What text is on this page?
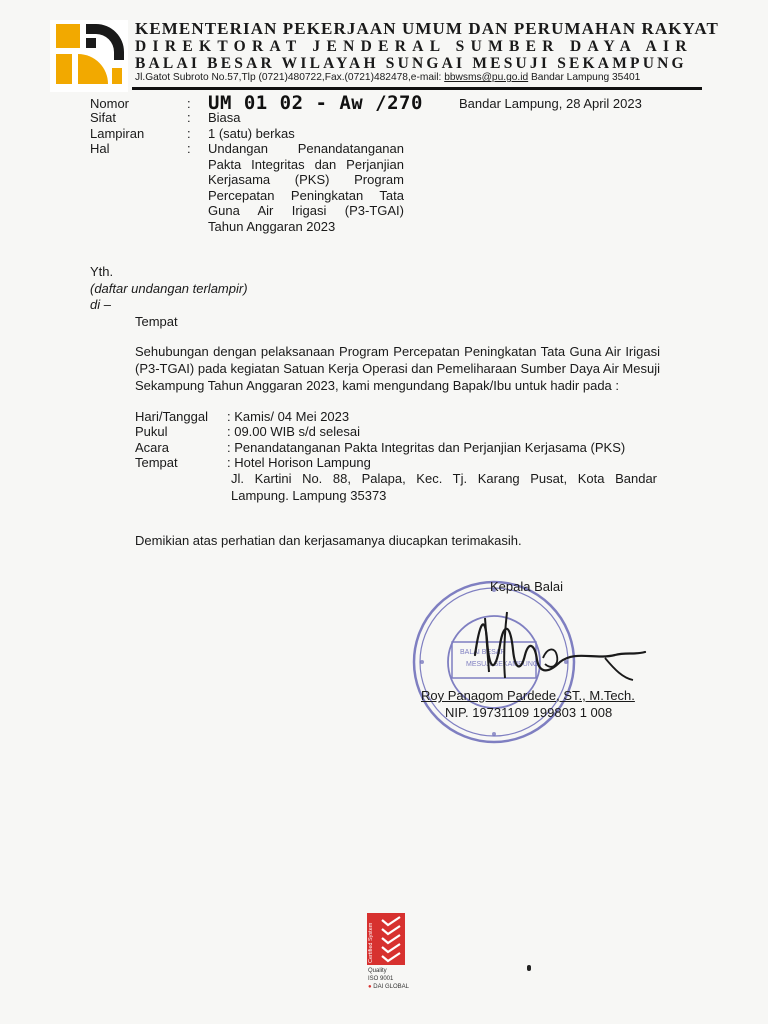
KEMENTERIAN PEKERJAAN UMUM DAN PERUMAHAN RAKYAT
DIREKTORAT JENDERAL SUMBER DAYA AIR
BALAI BESAR WILAYAH SUNGAI MESUJI SEKAMPUNG
Jl.Gatot Subroto No.57,Tlp (0721)480722,Fax.(0721)482478,e-mail: bbwsms@pu.go.id Bandar Lampung 35401
Nomor	: UM 01 02 - Aw /270	Bandar Lampung, 28 April 2023
Sifat	: Biasa
Lampiran	: 1 (satu) berkas
Hal	: Undangan Penandatanganan
Pakta Integritas dan Perjanjian
Kerjasama (PKS) Program
Percepatan Peningkatan Tata
Guna Air Irigasi (P3-TGAI)
Tahun Anggaran 2023
Yth.
(daftar undangan terlampir)
di –
Tempat
Sehubungan dengan pelaksanaan Program Percepatan Peningkatan Tata Guna Air Irigasi (P3-TGAI) pada kegiatan Satuan Kerja Operasi dan Pemeliharaan Sumber Daya Air Mesuji Sekampung Tahun Anggaran 2023, kami mengundang Bapak/Ibu untuk hadir pada :
Hari/Tanggal : Kamis/ 04 Mei 2023
Pukul	: 09.00 WIB s/d selesai
Acara	: Penandatanganan Pakta Integritas dan Perjanjian Kerjasama (PKS)
Tempat	: Hotel Horison Lampung
Jl. Kartini No. 88, Palapa, Kec. Tj. Karang Pusat, Kota Bandar
Lampung. Lampung 35373
Demikian atas perhatian dan kerjasamanya diucapkan terimakasih.
BALAI BESAR
MESUJI SEKAMPUNG
Kepala Balai
Roy Panagom Pardede, ST., M.Tech.
NIP. 19731109 199803 1 008
Certified System
Quality
ISO 9001
● DAI GLOBAL
